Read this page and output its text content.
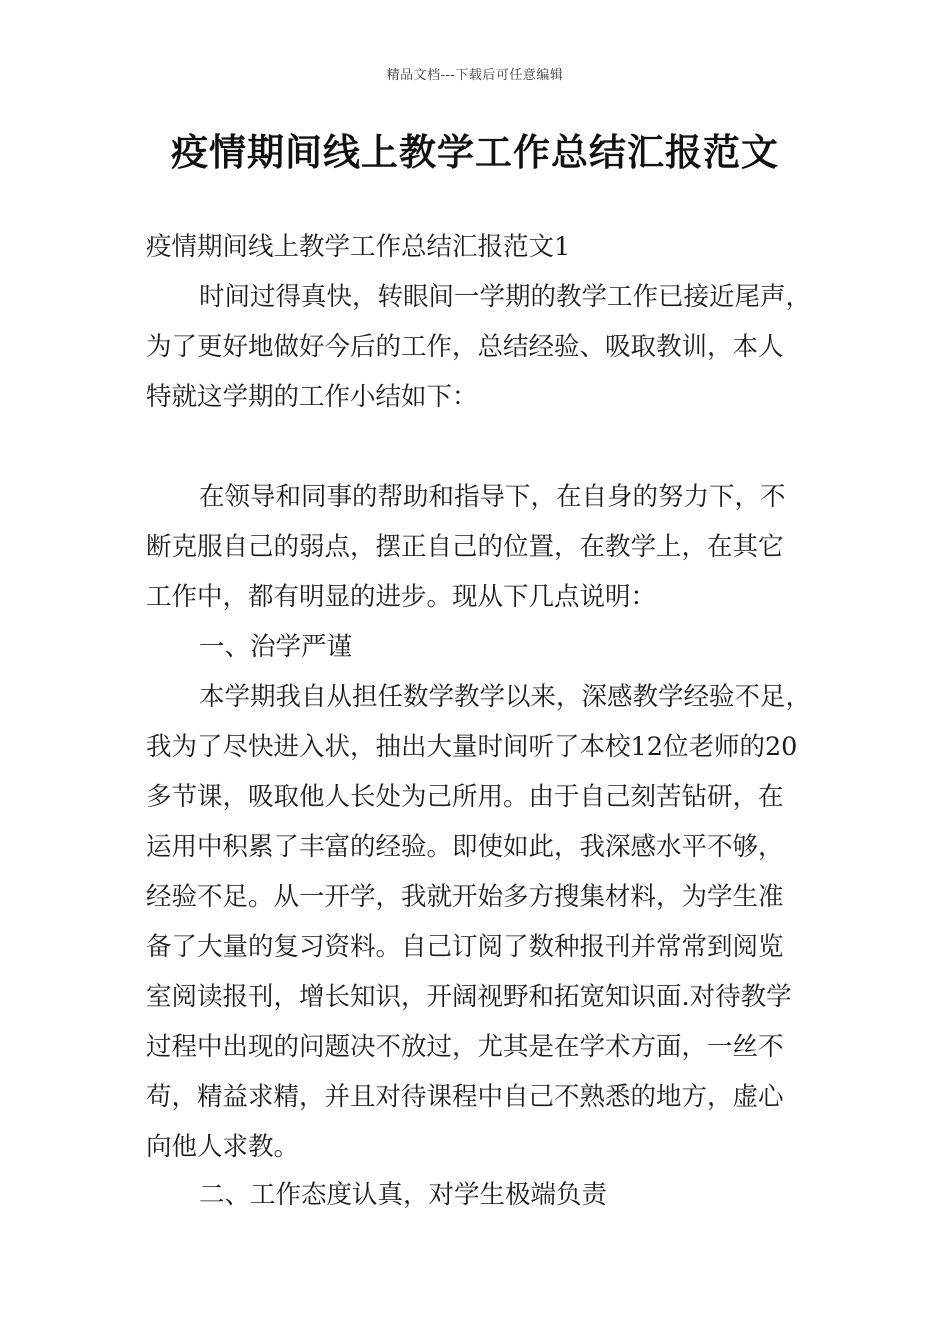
精品文档---下载后可任意编辑
疫情期间线上教学工作总结汇报范文

疫情期间线上教学工作总结汇报范文1

时间过得真快，转眼间一学期的教学工作已接近尾声，

为了更好地做好今后的工作，总结经验、吸取教训，本人

特就这学期的工作小结如下：

在领导和同事的帮助和指导下，在自身的努力下，不

断克服自己的弱点，摆正自己的位置，在教学上，在其它

工作中，都有明显的进步。现从下几点说明：

一、治学严谨

本学期我自从担任数学教学以来，深感教学经验不足，

我为了尽快进入状，抽出大量时间听了本校12位老师的20

多节课，吸取他人长处为己所用。由于自己刻苦钻研，在

运用中积累了丰富的经验。即使如此，我深感水平不够，

经验不足。从一开学，我就开始多方搜集材料，为学生准

备了大量的复习资料。自己订阅了数种报刊并常常到阅览

室阅读报刊，增长知识，开阔视野和拓宽知识面.对待教学

过程中出现的问题决不放过，尤其是在学术方面，一丝不

苟，精益求精，并且对待课程中自己不熟悉的地方，虚心

向他人求教。

二、工作态度认真，对学生极端负责
